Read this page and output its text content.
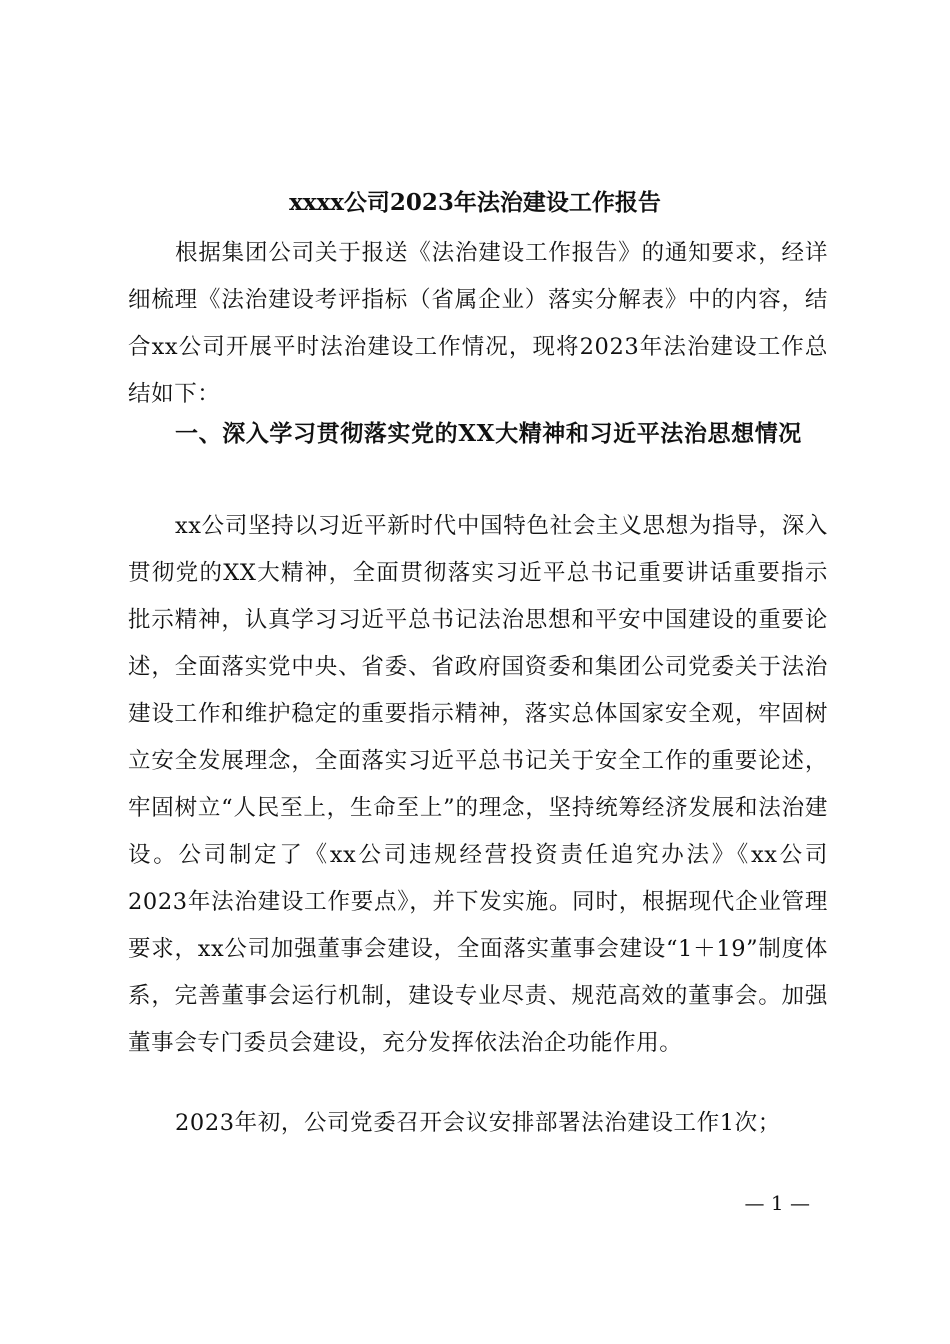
xxxx公司2023年法治建设工作报告
根据集团公司关于报送《法治建设工作报告》的通知要求，经详细梳理《法治建设考评指标（省属企业）落实分解表》中的内容，结合xx公司开展平时法治建设工作情况，现将2023年法治建设工作总结如下：
一、深入学习贯彻落实党的XX大精神和习近平法治思想情况
xx公司坚持以习近平新时代中国特色社会主义思想为指导，深入贯彻党的XX大精神，全面贯彻落实习近平总书记重要讲话重要指示批示精神，认真学习习近平总书记法治思想和平安中国建设的重要论述，全面落实党中央、省委、省政府国资委和集团公司党委关于法治建设工作和维护稳定的重要指示精神，落实总体国家安全观，牢固树立安全发展理念，全面落实习近平总书记关于安全工作的重要论述，牢固树立“人民至上，生命至上”的理念，坚持统筹经济发展和法治建设。公司制定了《xx公司违规经营投资责任追究办法》《xx公司2023年法治建设工作要点》，并下发实施。同时，根据现代企业管理要求，xx公司加强董事会建设，全面落实董事会建设“1＋19”制度体系，完善董事会运行机制，建设专业尽责、规范高效的董事会。加强董事会专门委员会建设，充分发挥依法治企功能作用。
2023年初，公司党委召开会议安排部署法治建设工作1次；
— 1 —
